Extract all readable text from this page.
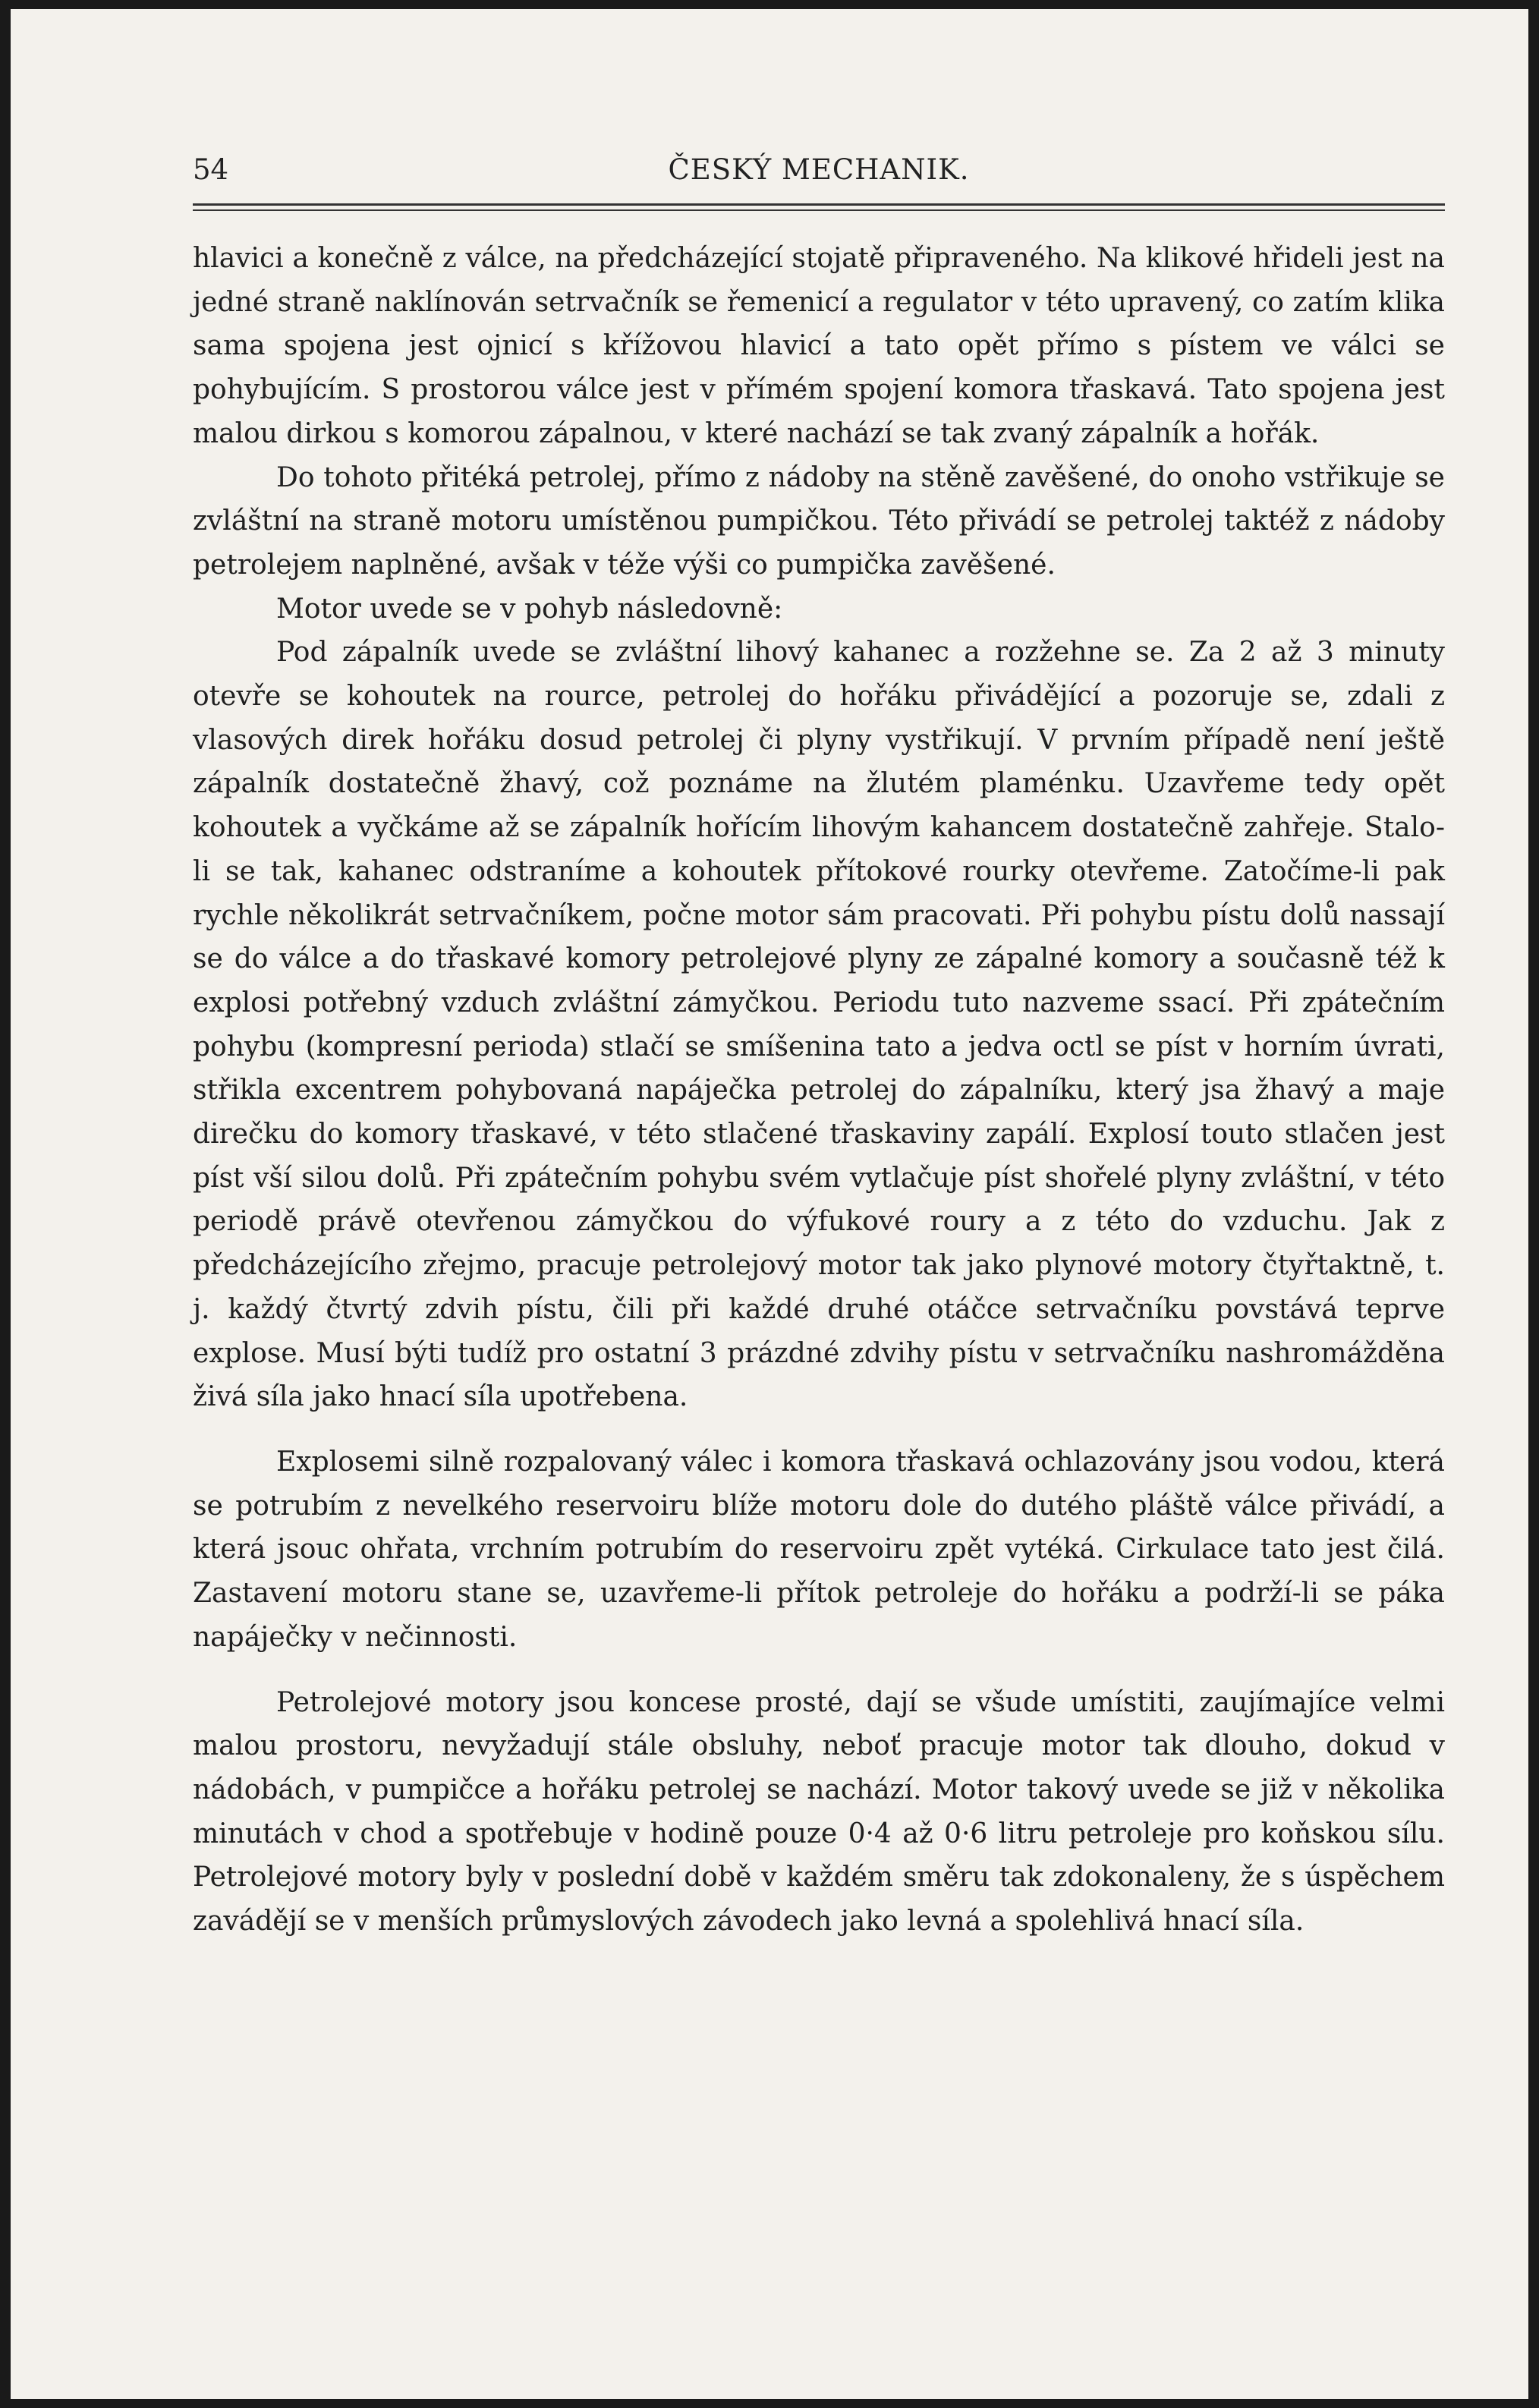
54	ČESKÝ MECHANIK.

hlavici a konečně z válce, na předcházející stojatě připraveného. Na klikové hřideli jest na jedné straně naklínován setrvačník se řemenicí a regulator v této upravený, co zatím klika sama spojena jest ojnicí s křížovou hlavicí a tato opět přímo s pístem ve válci se pohybujícím. S prostorou válce jest v přímém spojení komora třaskavá. Tato spojena jest malou dirkou s komorou zápalnou, v které nachází se tak zvaný zápalník a hořák.

Do tohoto přitéká petrolej, přímo z nádoby na stěně zavěšené, do onoho vstřikuje se zvláštní na straně motoru umístěnou pumpičkou. Této přivádí se petrolej taktéž z nádoby petrolejem naplněné, avšak v téže výši co pumpička zavěšené.

Motor uvede se v pohyb následovně:

Pod zápalník uvede se zvláštní lihový kahanec a rozžehne se. Za 2 až 3 minuty otevře se kohoutek na rource, petrolej do hořáku přivádějící a pozoruje se, zdali z vlasových direk hořáku dosud petrolej či plyny vystřikují. V prvním případě není ještě zápalník dostatečně žhavý, což poznáme na žlutém plaménku. Uzavřeme tedy opět kohoutek a vyčkáme až se zápalník hořícím lihovým kahancem dostatečně zahřeje. Stalo-li se tak, kahanec odstraníme a kohoutek přítokové rourky otevřeme. Zatočíme-li pak rychle několikrát setrvačníkem, počne motor sám pracovati. Při pohybu pístu dolů nassají se do válce a do třaskavé komory petrolejové plyny ze zápalné komory a současně též k explosi potřebný vzduch zvláštní zámyčkou. Periodu tuto nazveme ssací. Při zpátečním pohybu (kompresní perioda) stlačí se smíšenina tato a jedva octl se píst v horním úvrati, střikla excentrem pohybovaná napáječka petrolej do zápalníku, který jsa žhavý a maje direčku do komory třaskavé, v této stlačené třaskaviny zapálí. Explosí touto stlačen jest píst vší silou dolů. Při zpátečním pohybu svém vytlačuje píst shořelé plyny zvláštní, v této periodě právě otevřenou zámyčkou do výfukové roury a z této do vzduchu. Jak z předcházejícího zřejmo, pracuje petrolejový motor tak jako plynové motory čtyřtaktně, t. j. každý čtvrtý zdvih pístu, čili při každé druhé otáčce setrvačníku povstává teprve explose. Musí býti tudíž pro ostatní 3 prázdné zdvihy pístu v setrvačníku nashromážděna živá síla jako hnací síla upotřebena.

Explosemi silně rozpalovaný válec i komora třaskavá ochlazovány jsou vodou, která se potrubím z nevelkého reservoiru blíže motoru dole do dutého pláště válce přivádí, a která jsouc ohřata, vrchním potrubím do reservoiru zpět vytéká. Cirkulace tato jest čilá. Zastavení motoru stane se, uzavřeme-li přítok petroleje do hořáku a podrží-li se páka napáječky v nečinnosti.

Petrolejové motory jsou koncese prosté, dají se všude umístiti, zaujímajíce velmi malou prostoru, nevyžadují stále obsluhy, neboť pracuje motor tak dlouho, dokud v nádobách, v pumpičce a hořáku petrolej se nachází. Motor takový uvede se již v několika minutách v chod a spotřebuje v hodině pouze 0·4 až 0·6 litru petroleje pro koňskou sílu. Petrolejové motory byly v poslední době v každém směru tak zdokonaleny, že s úspěchem zavádějí se v menších průmyslových závodech jako levná a spolehlivá hnací síla.
